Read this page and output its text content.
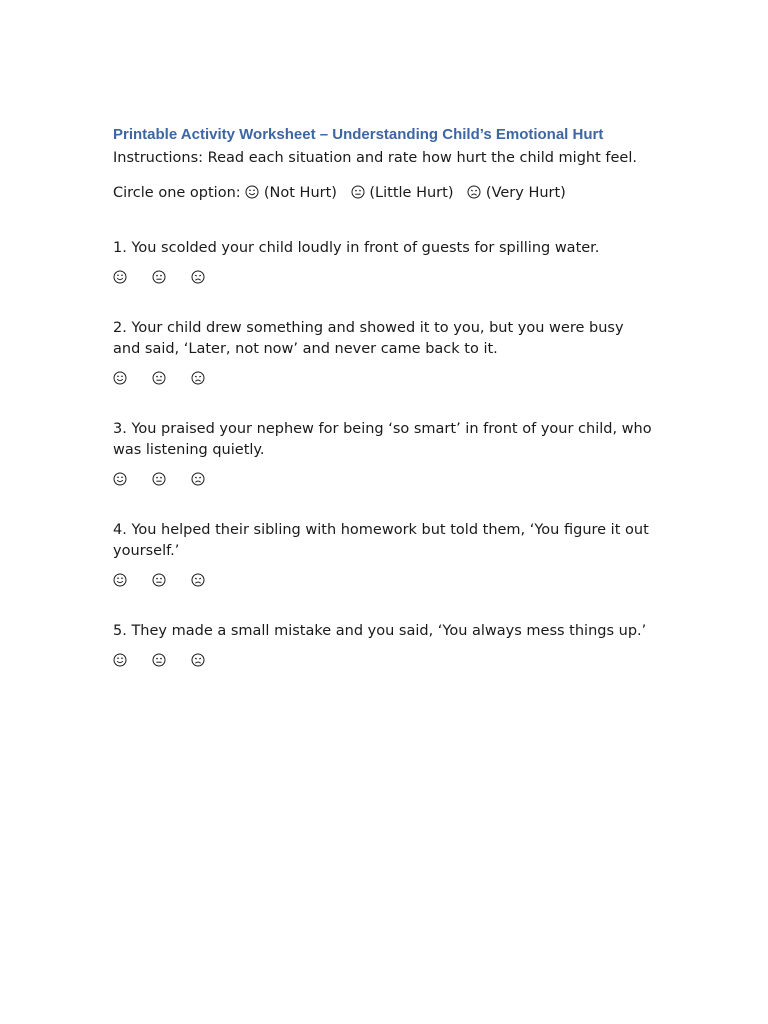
Printable Activity Worksheet – Understanding Child’s Emotional Hurt

Instructions: Read each situation and rate how hurt the child might feel.

Circle one option:
(Not Hurt) (Little Hurt) (Very Hurt)

1. You scolded your child loudly in front of guests for spilling water.

2. Your child drew something and showed it to you, but you were busy and said, ‘Later, not now’ and never came back to it.

3. You praised your nephew for being ‘so smart’ in front of your child, who was listening quietly.

4. You helped their sibling with homework but told them, ‘You figure it out yourself.’

5. They made a small mistake and you said, ‘You always mess things up.’
